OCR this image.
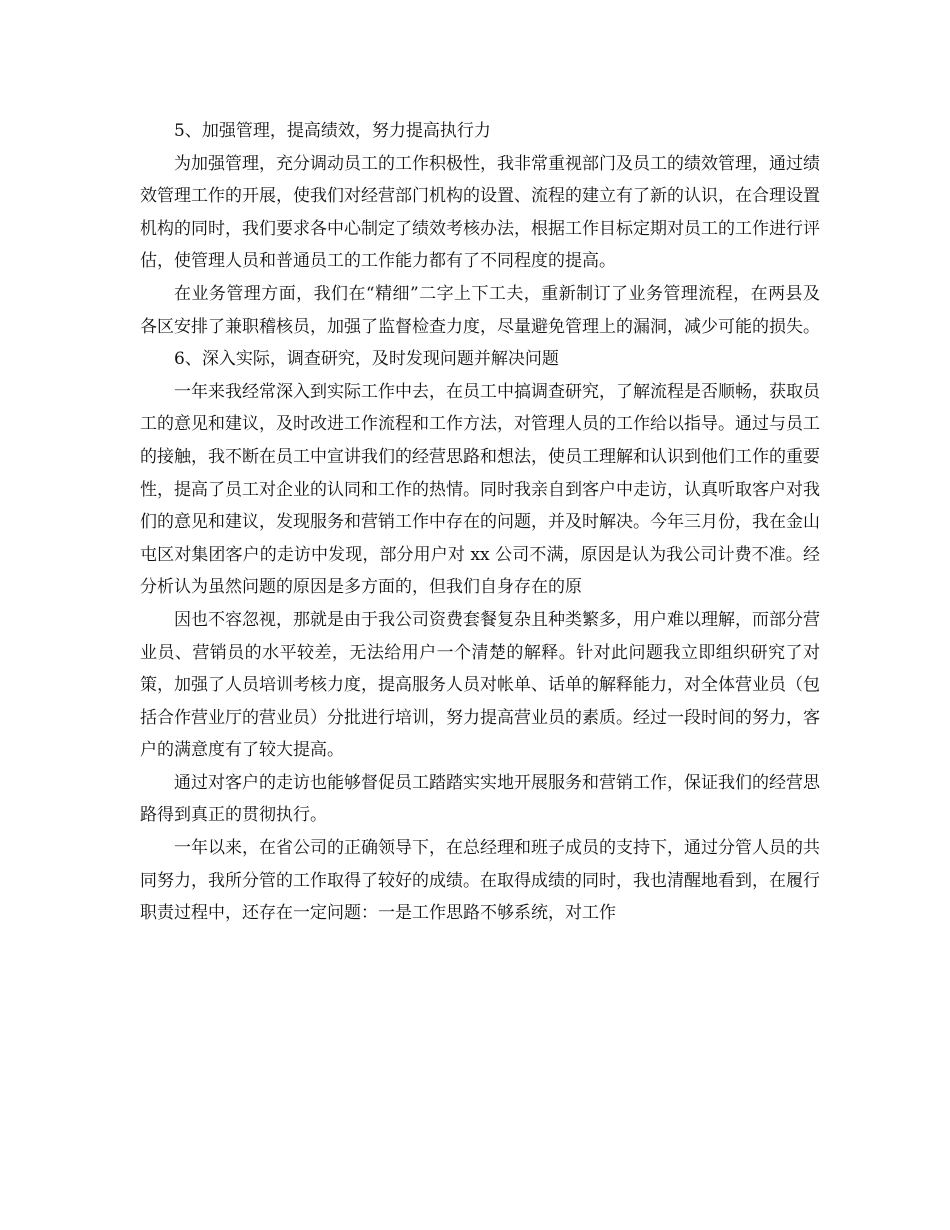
5、加强管理，提高绩效，努力提高执行力

为加强管理，充分调动员工的工作积极性，我非常重视部门及员工的绩效管理，通过绩效管理工作的开展，使我们对经营部门机构的设置、流程的建立有了新的认识，在合理设置机构的同时，我们要求各中心制定了绩效考核办法，根据工作目标定期对员工的工作进行评估，使管理人员和普通员工的工作能力都有了不同程度的提高。

在业务管理方面，我们在“精细”二字上下工夫，重新制订了业务管理流程，在两县及各区安排了兼职稽核员，加强了监督检查力度，尽量避免管理上的漏洞，减少可能的损失。

6、深入实际，调查研究，及时发现问题并解决问题

一年来我经常深入到实际工作中去，在员工中搞调查研究，了解流程是否顺畅，获取员工的意见和建议，及时改进工作流程和工作方法，对管理人员的工作给以指导。通过与员工的接触，我不断在员工中宣讲我们的经营思路和想法，使员工理解和认识到他们工作的重要性，提高了员工对企业的认同和工作的热情。同时我亲自到客户中走访，认真听取客户对我们的意见和建议，发现服务和营销工作中存在的问题，并及时解决。今年三月份，我在金山屯区对集团客户的走访中发现，部分用户对 xx 公司不满，原因是认为我公司计费不准。经分析认为虽然问题的原因是多方面的，但我们自身存在的原

因也不容忽视，那就是由于我公司资费套餐复杂且种类繁多，用户难以理解，而部分营业员、营销员的水平较差，无法给用户一个清楚的解释。针对此问题我立即组织研究了对策，加强了人员培训考核力度，提高服务人员对帐单、话单的解释能力，对全体营业员（包括合作营业厅的营业员）分批进行培训，努力提高营业员的素质。经过一段时间的努力，客户的满意度有了较大提高。

通过对客户的走访也能够督促员工踏踏实实地开展服务和营销工作，保证我们的经营思路得到真正的贯彻执行。

一年以来，在省公司的正确领导下，在总经理和班子成员的支持下，通过分管人员的共同努力，我所分管的工作取得了较好的成绩。在取得成绩的同时，我也清醒地看到，在履行职责过程中，还存在一定问题：一是工作思路不够系统，对工作
